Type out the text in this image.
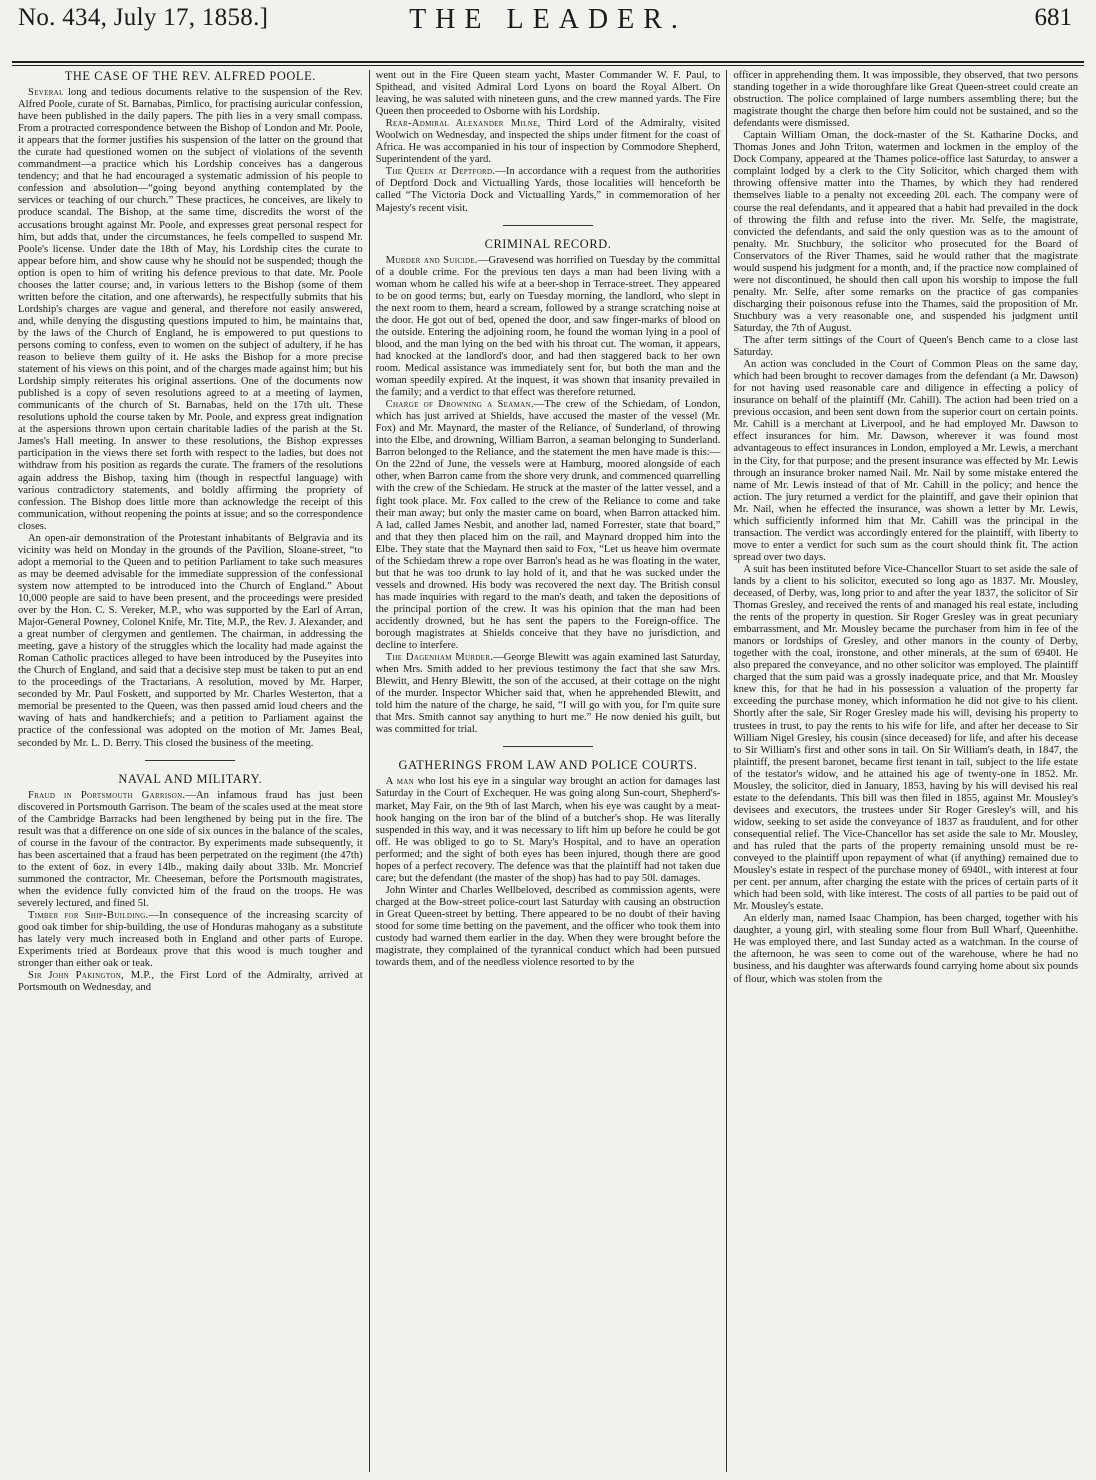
No. 434, July 17, 1858.]	THE LEADER.	681
THE CASE OF THE REV. ALFRED POOLE.

Several long and tedious documents relative to the suspension of the Rev. Alfred Poole, curate of St. Barnabas, Pimlico, for practising auricular confession, have been published in the daily papers. The pith lies in a very small compass. From a protracted correspondence between the Bishop of London and Mr. Poole, it appears that the former justifies his suspension of the latter on the ground that the curate had questioned women on the subject of violations of the seventh commandment—a practice which his Lordship conceives has a dangerous tendency; and that he had encouraged a systematic admission of his people to confession and absolution—“going beyond anything contemplated by the services or teaching of our church.” These practices, he conceives, are likely to produce scandal. The Bishop, at the same time, discredits the worst of the accusations brought against Mr. Poole, and expresses great personal respect for him, but adds that, under the circumstances, he feels compelled to suspend Mr. Poole's license. Under date the 18th of May, his Lordship cites the curate to appear before him, and show cause why he should not be suspended; though the option is open to him of writing his defence previous to that date. Mr. Poole chooses the latter course; and, in various letters to the Bishop (some of them written before the citation, and one afterwards), he respectfully submits that his Lordship's charges are vague and general, and therefore not easily answered, and, while denying the disgusting questions imputed to him, he maintains that, by the laws of the Church of England, he is empowered to put questions to persons coming to confess, even to women on the subject of adultery, if he has reason to believe them guilty of it. He asks the Bishop for a more precise statement of his views on this point, and of the charges made against him; but his Lordship simply reiterates his original assertions. One of the documents now published is a copy of seven resolutions agreed to at a meeting of laymen, communicants of the church of St. Barnabas, held on the 17th ult. These resolutions uphold the course taken by Mr. Poole, and express great indignation at the aspersions thrown upon certain charitable ladies of the parish at the St. James's Hall meeting. In answer to these resolutions, the Bishop expresses participation in the views there set forth with respect to the ladies, but does not withdraw from his position as regards the curate. The framers of the resolutions again address the Bishop, taxing him (though in respectful language) with various contradictory statements, and boldly affirming the propriety of confession. The Bishop does little more than acknowledge the receipt of this communication, without reopening the points at issue; and so the correspondence closes.

An open-air demonstration of the Protestant inhabitants of Belgravia and its vicinity was held on Monday in the grounds of the Pavilion, Sloane-street, “to adopt a memorial to the Queen and to petition Parliament to take such measures as may be deemed advisable for the immediate suppression of the confessional system now attempted to be introduced into the Church of England.” About 10,000 people are said to have been present, and the proceedings were presided over by the Hon. C. S. Vereker, M.P., who was supported by the Earl of Arran, Major-General Powney, Colonel Knife, Mr. Tite, M.P., the Rev. J. Alexander, and a great number of clergymen and gentlemen. The chairman, in addressing the meeting, gave a history of the struggles which the locality had made against the Roman Catholic practices alleged to have been introduced by the Puseyites into the Church of England, and said that a decisive step must be taken to put an end to the proceedings of the Tractarians. A resolution, moved by Mr. Harper, seconded by Mr. Paul Foskett, and supported by Mr. Charles Westerton, that a memorial be presented to the Queen, was then passed amid loud cheers and the waving of hats and handkerchiefs; and a petition to Parliament against the practice of the confessional was adopted on the motion of Mr. James Beal, seconded by Mr. L. D. Berry. This closed the business of the meeting.

NAVAL AND MILITARY.

Fraud in Portsmouth Garrison.—An infamous fraud has just been discovered in Portsmouth Garrison. The beam of the scales used at the meat store of the Cambridge Barracks had been lengthened by being put in the fire. The result was that a difference on one side of six ounces in the balance of the scales, of course in the favour of the contractor. By experiments made subsequently, it has been ascertained that a fraud has been perpetrated on the regiment (the 47th) to the extent of 6oz. in every 14lb., making daily about 33lb. Mr. Moncrief summoned the contractor, Mr. Cheeseman, before the Portsmouth magistrates, when the evidence fully convicted him of the fraud on the troops. He was severely lectured, and fined 5l.

Timber for Ship-Building.—In consequence of the increasing scarcity of good oak timber for ship-building, the use of Honduras mahogany as a substitute has lately very much increased both in England and other parts of Europe. Experiments tried at Bordeaux prove that this wood is much tougher and stronger than either oak or teak.

Sir John Pakington, M.P., the First Lord of the Admiralty, arrived at Portsmouth on Wednesday, and

went out in the Fire Queen steam yacht, Master Commander W. F. Paul, to Spithead, and visited Admiral Lord Lyons on board the Royal Albert. On leaving, he was saluted with nineteen guns, and the crew manned yards. The Fire Queen then proceeded to Osborne with his Lordship.

Rear-Admiral Alexander Milne, Third Lord of the Admiralty, visited Woolwich on Wednesday, and inspected the ships under fitment for the coast of Africa. He was accompanied in his tour of inspection by Commodore Shepherd, Superintendent of the yard.

The Queen at Deptford.—In accordance with a request from the authorities of Deptford Dock and Victualling Yards, those localities will henceforth be called “The Victoria Dock and Victualling Yards,” in commemoration of her Majesty's recent visit.

CRIMINAL RECORD.

Murder and Suicide.—Gravesend was horrified on Tuesday by the committal of a double crime. For the previous ten days a man had been living with a woman whom he called his wife at a beer-shop in Terrace-street. They appeared to be on good terms; but, early on Tuesday morning, the landlord, who slept in the next room to them, heard a scream, followed by a strange scratching noise at the door. He got out of bed, opened the door, and saw finger-marks of blood on the outside. Entering the adjoining room, he found the woman lying in a pool of blood, and the man lying on the bed with his throat cut. The woman, it appears, had knocked at the landlord's door, and had then staggered back to her own room. Medical assistance was immediately sent for, but both the man and the woman speedily expired. At the inquest, it was shown that insanity prevailed in the family; and a verdict to that effect was therefore returned.

Charge of Drowning a Seaman.—The crew of the Schiedam, of London, which has just arrived at Shields, have accused the master of the vessel (Mr. Fox) and Mr. Maynard, the master of the Reliance, of Sunderland, of throwing into the Elbe, and drowning, William Barron, a seaman belonging to Sunderland. Barron belonged to the Reliance, and the statement the men have made is this:—On the 22nd of June, the vessels were at Hamburg, moored alongside of each other, when Barron came from the shore very drunk, and commenced quarrelling with the crew of the Schiedam. He struck at the master of the latter vessel, and a fight took place. Mr. Fox called to the crew of the Reliance to come and take their man away; but only the master came on board, when Barron attacked him. A lad, called James Nesbit, and another lad, named Forrester, state that board,” and that they then placed him on the rail, and Maynard dropped him into the Elbe. They state that the Maynard then said to Fox, “Let us heave him overmate of the Schiedam threw a rope over Barron's head as he was floating in the water, but that he was too drunk to lay hold of it, and that he was sucked under the vessels and drowned. His body was recovered the next day. The British consul has made inquiries with regard to the man's death, and taken the depositions of the principal portion of the crew. It was his opinion that the man had been accidently drowned, but he has sent the papers to the Foreign-office. The borough magistrates at Shields conceive that they have no jurisdiction, and decline to interfere.

The Dagenham Murder.—George Blewitt was again examined last Saturday, when Mrs. Smith added to her previous testimony the fact that she saw Mrs. Blewitt, and Henry Blewitt, the son of the accused, at their cottage on the night of the murder. Inspector Whicher said that, when he apprehended Blewitt, and told him the nature of the charge, he said, “I will go with you, for I'm quite sure that Mrs. Smith cannot say anything to hurt me.” He now denied his guilt, but was committed for trial.

GATHERINGS FROM LAW AND POLICE COURTS.

A man who lost his eye in a singular way brought an action for damages last Saturday in the Court of Exchequer. He was going along Sun-court, Shepherd's-market, May Fair, on the 9th of last March, when his eye was caught by a meat-hook hanging on the iron bar of the blind of a butcher's shop. He was literally suspended in this way, and it was necessary to lift him up before he could be got off. He was obliged to go to St. Mary's Hospital, and to have an operation performed; and the sight of both eyes has been injured, though there are good hopes of a perfect recovery. The defence was that the plaintiff had not taken due care; but the defendant (the master of the shop) has had to pay 50l. damages.

John Winter and Charles Wellbeloved, described as commission agents, were charged at the Bow-street police-court last Saturday with causing an obstruction in Great Queen-street by betting. There appeared to be no doubt of their having stood for some time betting on the pavement, and the officer who took them into custody had warned them earlier in the day. When they were brought before the magistrate, they complained of the tyrannical conduct which had been pursued towards them, and of the needless violence resorted to by the

officer in apprehending them. It was impossible, they observed, that two persons standing together in a wide thoroughfare like Great Queen-street could create an obstruction. The police complained of large numbers assembling there; but the magistrate thought the charge then before him could not be sustained, and so the defendants were dismissed.

Captain William Oman, the dock-master of the St. Katharine Docks, and Thomas Jones and John Triton, watermen and lockmen in the employ of the Dock Company, appeared at the Thames police-office last Saturday, to answer a complaint lodged by a clerk to the City Solicitor, which charged them with throwing offensive matter into the Thames, by which they had rendered themselves liable to a penalty not exceeding 20l. each. The company were of course the real defendants, and it appeared that a habit had prevailed in the dock of throwing the filth and refuse into the river. Mr. Selfe, the magistrate, convicted the defendants, and said the only question was as to the amount of penalty. Mr. Stuchbury, the solicitor who prosecuted for the Board of Conservators of the River Thames, said he would rather that the magistrate would suspend his judgment for a month, and, if the practice now complained of were not discontinued, he should then call upon his worship to impose the full penalty. Mr. Selfe, after some remarks on the practice of gas companies discharging their poisonous refuse into the Thames, said the proposition of Mr. Stuchbury was a very reasonable one, and suspended his judgment until Saturday, the 7th of August.

The after term sittings of the Court of Queen's Bench came to a close last Saturday.

An action was concluded in the Court of Common Pleas on the same day, which had been brought to recover damages from the defendant (a Mr. Dawson) for not having used reasonable care and diligence in effecting a policy of insurance on behalf of the plaintiff (Mr. Cahill). The action had been tried on a previous occasion, and been sent down from the superior court on certain points. Mr. Cahill is a merchant at Liverpool, and he had employed Mr. Dawson to effect insurances for him. Mr. Dawson, wherever it was found most advantageous to effect insurances in London, employed a Mr. Lewis, a merchant in the City, for that purpose; and the present insurance was effected by Mr. Lewis through an insurance broker named Nail. Mr. Nail by some mistake entered the name of Mr. Lewis instead of that of Mr. Cahill in the policy; and hence the action. The jury returned a verdict for the plaintiff, and gave their opinion that Mr. Nail, when he effected the insurance, was shown a letter by Mr. Lewis, which sufficiently informed him that Mr. Cahill was the principal in the transaction. The verdict was accordingly entered for the plaintiff, with liberty to move to enter a verdict for such sum as the court should think fit. The action spread over two days.

A suit has been instituted before Vice-Chancellor Stuart to set aside the sale of lands by a client to his solicitor, executed so long ago as 1837. Mr. Mousley, deceased, of Derby, was, long prior to and after the year 1837, the solicitor of Sir Thomas Gresley, and received the rents of and managed his real estate, including the rents of the property in question. Sir Roger Gresley was in great pecuniary embarrassment, and Mr. Mousley became the purchaser from him in fee of the manors or lordships of Gresley, and other manors in the county of Derby, together with the coal, ironstone, and other minerals, at the sum of 6940l. He also prepared the conveyance, and no other solicitor was employed. The plaintiff charged that the sum paid was a grossly inadequate price, and that Mr. Mousley knew this, for that he had in his possession a valuation of the property far exceeding the purchase money, which information he did not give to his client. Shortly after the sale, Sir Roger Gresley made his will, devising his property to trustees in trust, to pay the rents to his wife for life, and after her decease to Sir William Nigel Gresley, his cousin (since deceased) for life, and after his decease to Sir William's first and other sons in tail. On Sir William's death, in 1847, the plaintiff, the present baronet, became first tenant in tail, subject to the life estate of the testator's widow, and he attained his age of twenty-one in 1852. Mr. Mousley, the solicitor, died in January, 1853, having by his will devised his real estate to the defendants. This bill was then filed in 1855, against Mr. Mousley's devisees and executors, the trustees under Sir Roger Gresley's will, and his widow, seeking to set aside the conveyance of 1837 as fraudulent, and for other consequential relief. The Vice-Chancellor has set aside the sale to Mr. Mousley, and has ruled that the parts of the property remaining unsold must be re-conveyed to the plaintiff upon repayment of what (if anything) remained due to Mousley's estate in respect of the purchase money of 6940l., with interest at four per cent. per annum, after charging the estate with the prices of certain parts of it which had been sold, with like interest. The costs of all parties to be paid out of Mr. Mousley's estate.

An elderly man, named Isaac Champion, has been charged, together with his daughter, a young girl, with stealing some flour from Bull Wharf, Queenhithe. He was employed there, and last Sunday acted as a watchman. In the course of the afternoon, he was seen to come out of the warehouse, where he had no business, and his daughter was afterwards found carrying home about six pounds of flour, which was stolen from the
